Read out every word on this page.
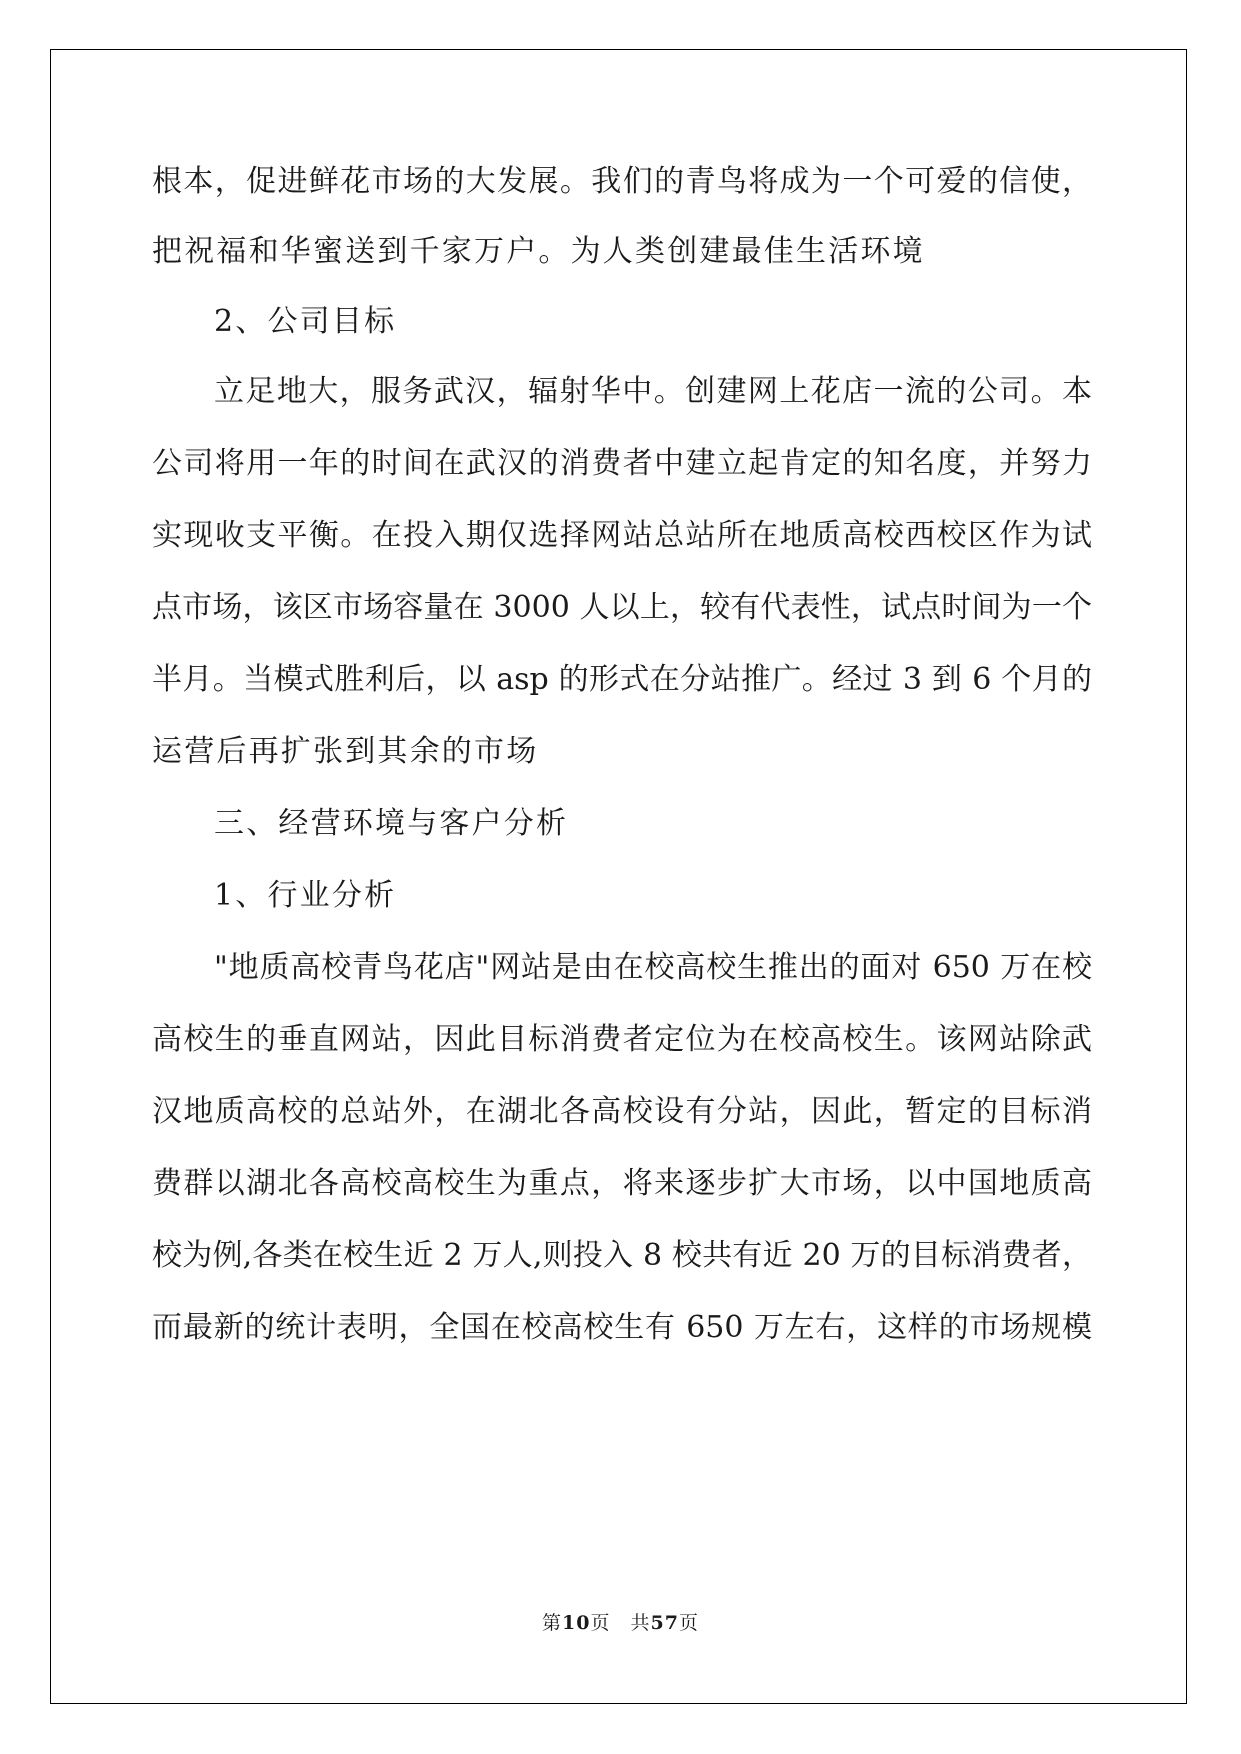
根本，促进鲜花市场的大发展。我们的青鸟将成为一个可爱的信使，
把祝福和华蜜送到千家万户。为人类创建最佳生活环境
2、公司目标
立足地大，服务武汉，辐射华中。创建网上花店一流的公司。本
公司将用一年的时间在武汉的消费者中建立起肯定的知名度，并努力
实现收支平衡。在投入期仅选择网站总站所在地质高校西校区作为试
点市场，该区市场容量在 3000 人以上，较有代表性，试点时间为一个
半月。当模式胜利后，以 asp 的形式在分站推广。经过 3 到 6 个月的
运营后再扩张到其余的市场
三、经营环境与客户分析
1、行业分析
"地质高校青鸟花店"网站是由在校高校生推出的面对 650 万在校
高校生的垂直网站，因此目标消费者定位为在校高校生。该网站除武
汉地质高校的总站外，在湖北各高校设有分站，因此，暂定的目标消
费群以湖北各高校高校生为重点，将来逐步扩大市场，以中国地质高
校为例,各类在校生近 2 万人,则投入 8 校共有近 20 万的目标消费者，
而最新的统计表明，全国在校高校生有 650 万左右，这样的市场规模
第10页　共57页
